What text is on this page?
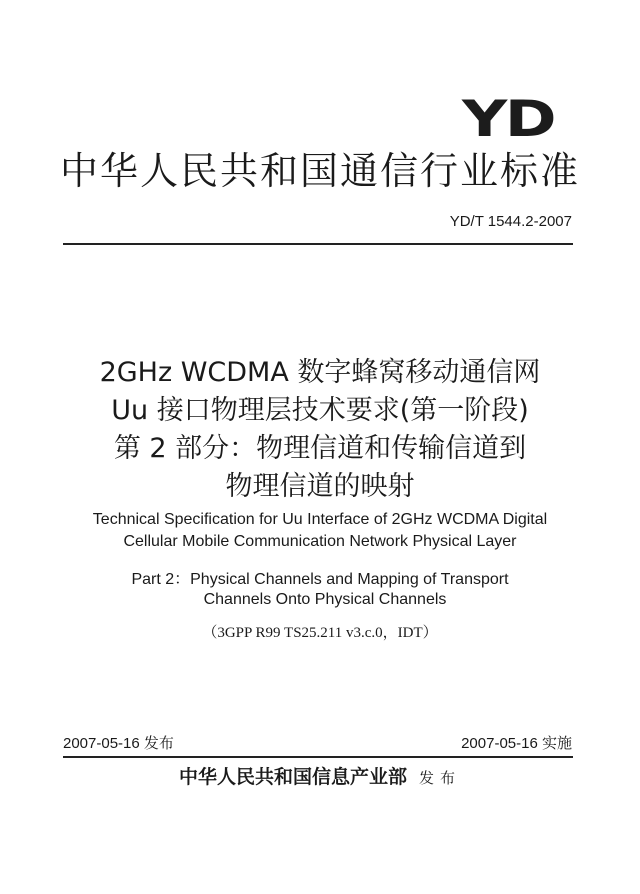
YD
中华人民共和国通信行业标准
YD/T 1544.2-2007
2GHz WCDMA 数字蜂窝移动通信网
Uu 接口物理层技术要求(第一阶段)
第 2 部分：物理信道和传输信道到
物理信道的映射
Technical Specification for Uu Interface of 2GHz WCDMA Digital
Cellular Mobile Communication Network Physical Layer
Part 2：Physical Channels and Mapping of Transport
Channels Onto Physical Channels
（3GPP R99 TS25.211 v3.c.0，IDT）
2007-05-16 发布	2007-05-16 实施
中华人民共和国信息产业部 发布
